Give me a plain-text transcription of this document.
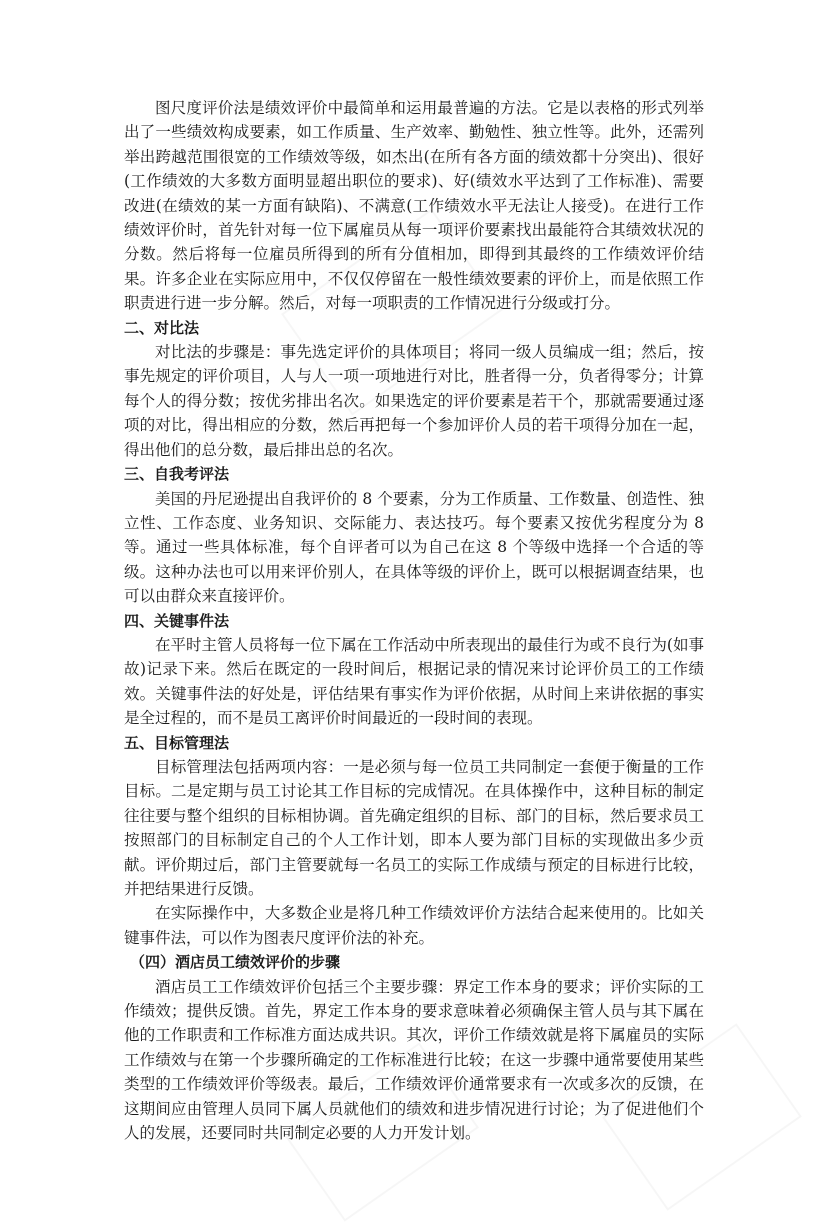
图尺度评价法是绩效评价中最简单和运用最普遍的方法。它是以表格的形式列举出了一些绩效构成要素，如工作质量、生产效率、勤勉性、独立性等。此外，还需列举出跨越范围很宽的工作绩效等级，如杰出(在所有各方面的绩效都十分突出)、很好(工作绩效的大多数方面明显超出职位的要求)、好(绩效水平达到了工作标准)、需要改进(在绩效的某一方面有缺陷)、不满意(工作绩效水平无法让人接受)。在进行工作绩效评价时，首先针对每一位下属雇员从每一项评价要素找出最能符合其绩效状况的分数。然后将每一位雇员所得到的所有分值相加，即得到其最终的工作绩效评价结果。许多企业在实际应用中，不仅仅停留在一般性绩效要素的评价上，而是依照工作职责进行进一步分解。然后，对每一项职责的工作情况进行分级或打分。

二、对比法

对比法的步骤是：事先选定评价的具体项目；将同一级人员编成一组；然后，按事先规定的评价项目，人与人一项一项地进行对比，胜者得一分，负者得零分；计算每个人的得分数；按优劣排出名次。如果选定的评价要素是若干个，那就需要通过逐项的对比，得出相应的分数，然后再把每一个参加评价人员的若干项得分加在一起，得出他们的总分数，最后排出总的名次。

三、自我考评法

美国的丹尼逊提出自我评价的 8 个要素，分为工作质量、工作数量、创造性、独立性、工作态度、业务知识、交际能力、表达技巧。每个要素又按优劣程度分为 8 等。通过一些具体标准，每个自评者可以为自己在这 8 个等级中选择一个合适的等级。这种办法也可以用来评价别人，在具体等级的评价上，既可以根据调查结果，也可以由群众来直接评价。

四、关键事件法

在平时主管人员将每一位下属在工作活动中所表现出的最佳行为或不良行为(如事故)记录下来。然后在既定的一段时间后，根据记录的情况来讨论评价员工的工作绩效。关键事件法的好处是，评估结果有事实作为评价依据，从时间上来讲依据的事实是全过程的，而不是员工离评价时间最近的一段时间的表现。

五、目标管理法

目标管理法包括两项内容：一是必须与每一位员工共同制定一套便于衡量的工作目标。二是定期与员工讨论其工作目标的完成情况。在具体操作中，这种目标的制定往往要与整个组织的目标相协调。首先确定组织的目标、部门的目标，然后要求员工按照部门的目标制定自己的个人工作计划，即本人要为部门目标的实现做出多少贡献。评价期过后，部门主管要就每一名员工的实际工作成绩与预定的目标进行比较，并把结果进行反馈。

在实际操作中，大多数企业是将几种工作绩效评价方法结合起来使用的。比如关键事件法，可以作为图表尺度评价法的补充。

（四）酒店员工绩效评价的步骤

酒店员工工作绩效评价包括三个主要步骤：界定工作本身的要求；评价实际的工作绩效；提供反馈。首先，界定工作本身的要求意味着必须确保主管人员与其下属在他的工作职责和工作标准方面达成共识。其次，评价工作绩效就是将下属雇员的实际工作绩效与在第一个步骤所确定的工作标准进行比较；在这一步骤中通常要使用某些类型的工作绩效评价等级表。最后，工作绩效评价通常要求有一次或多次的反馈，在这期间应由管理人员同下属人员就他们的绩效和进步情况进行讨论；为了促进他们个人的发展，还要同时共同制定必要的人力开发计划。
